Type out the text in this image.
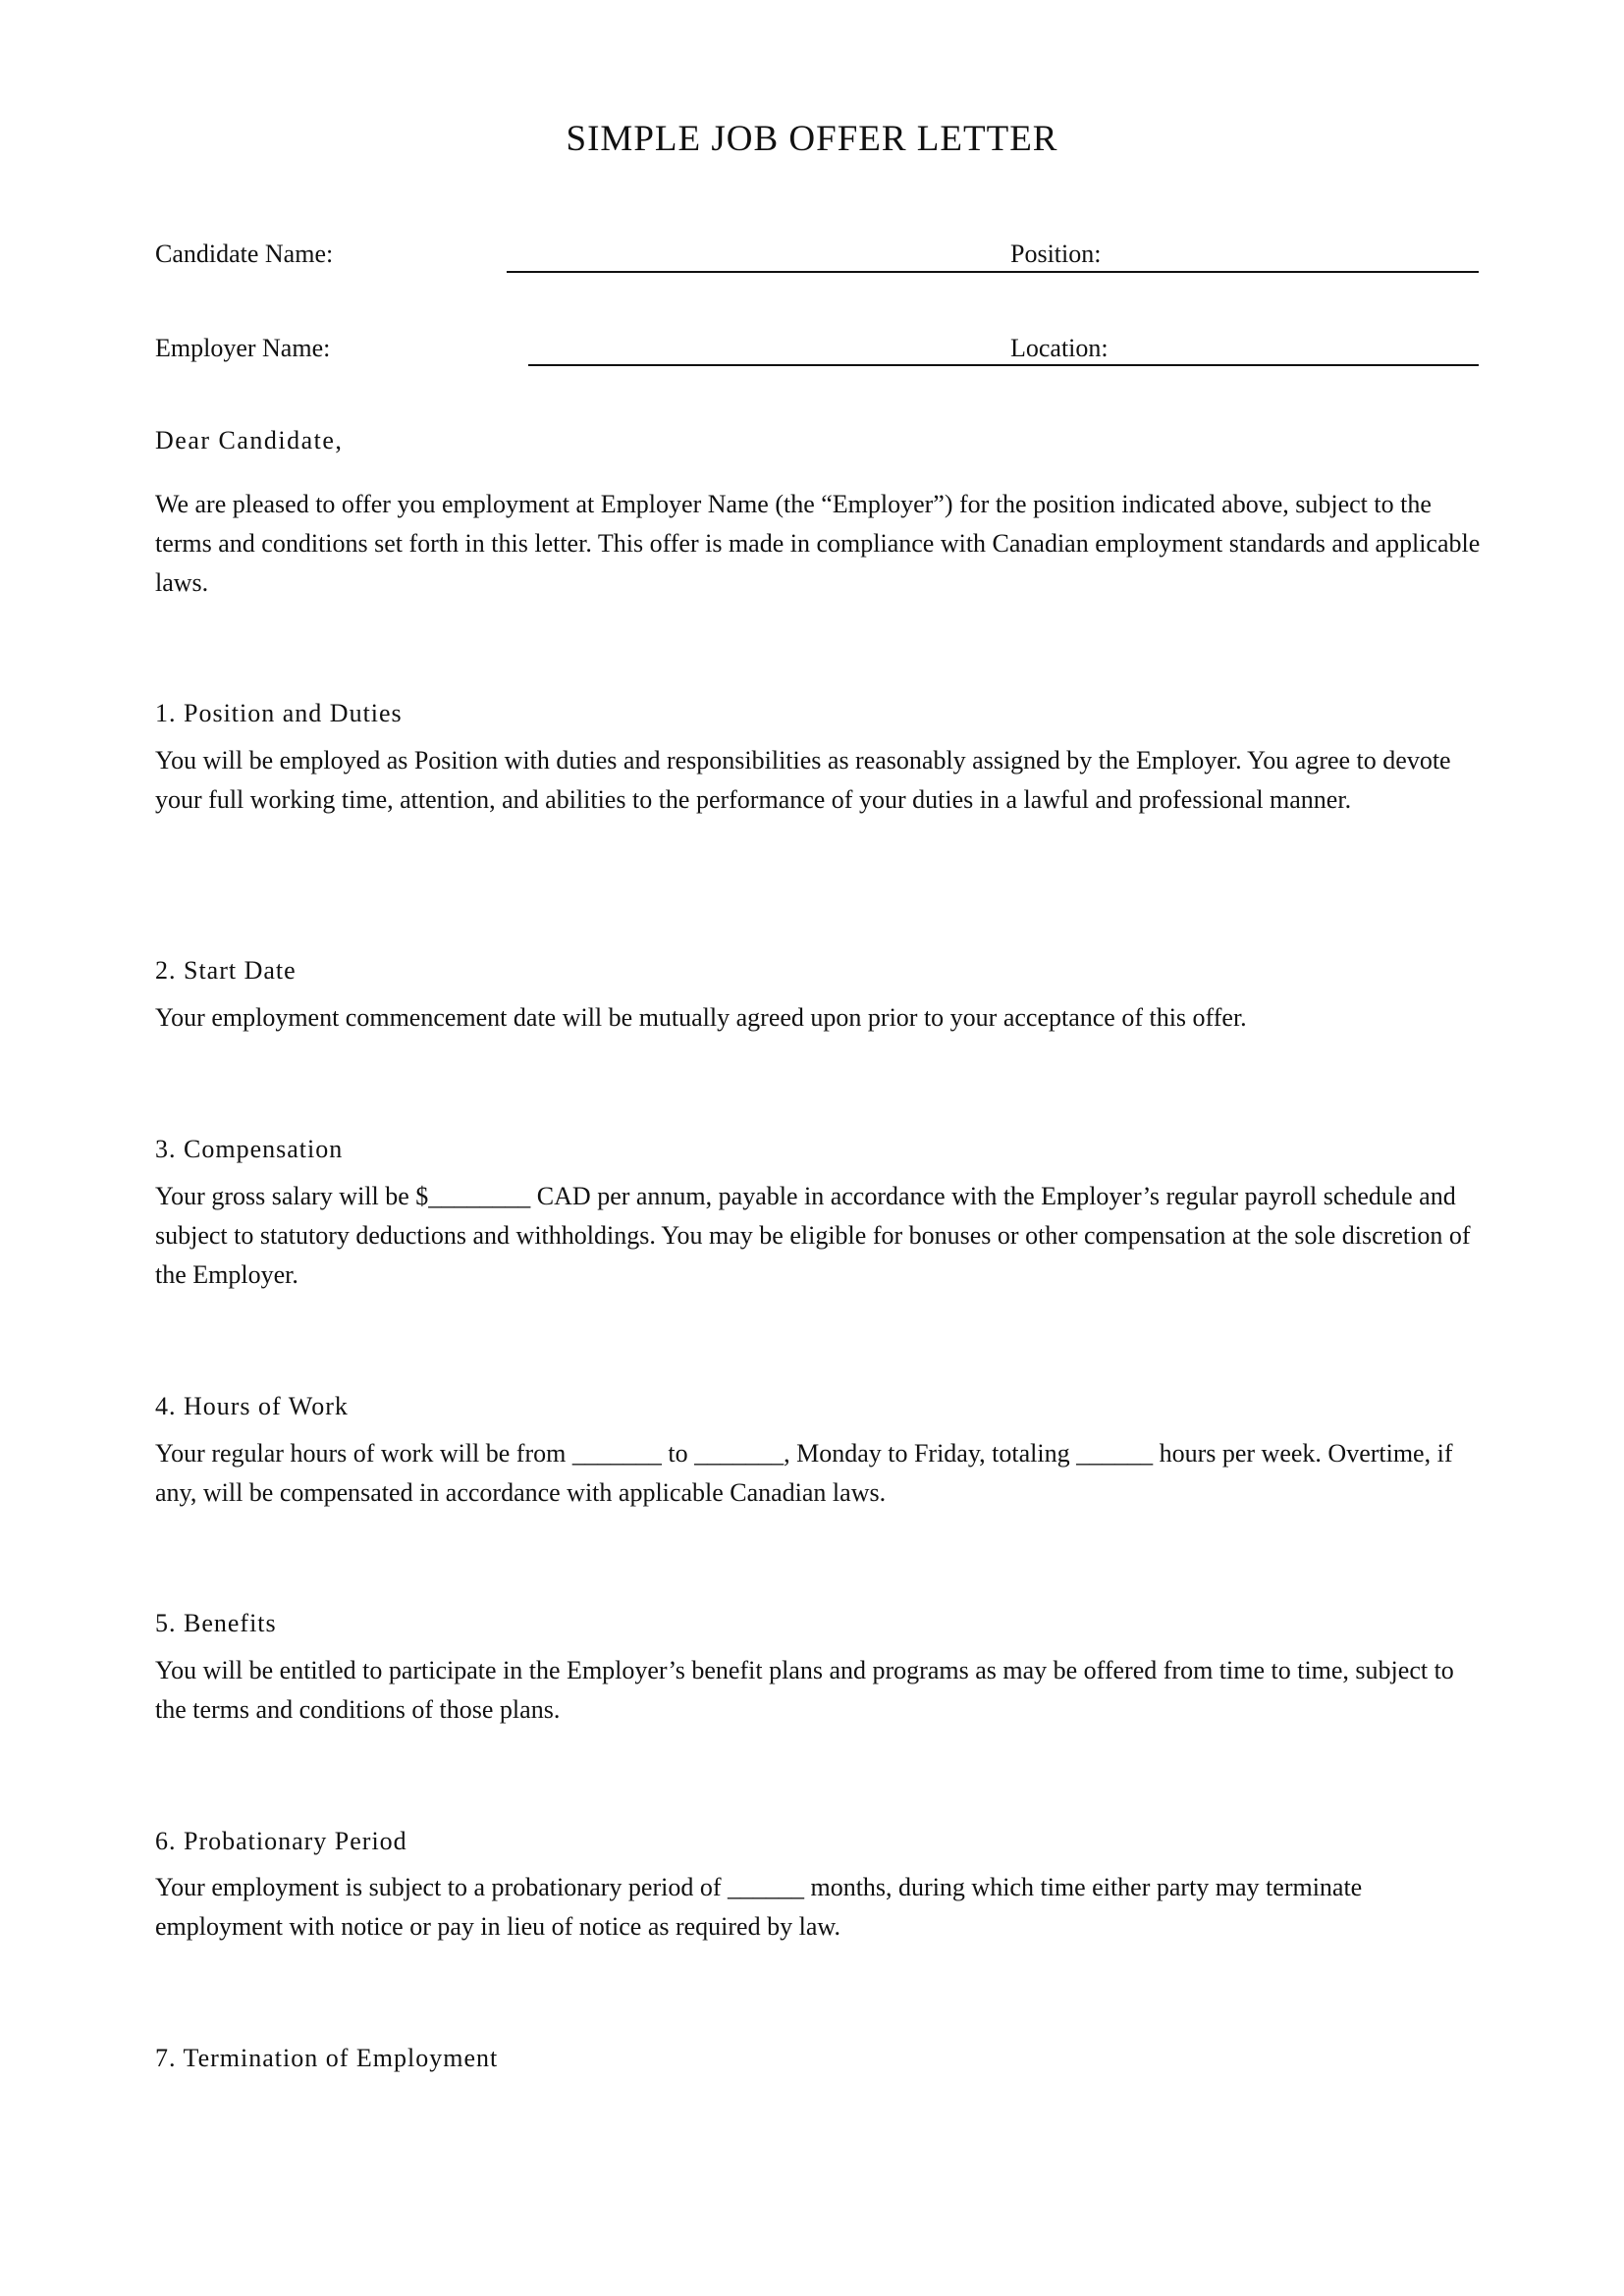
SIMPLE JOB OFFER LETTER
Candidate Name:	Position:
Employer Name:	Location:
Dear Candidate,
We are pleased to offer you employment at Employer Name (the “Employer”) for the position indicated above, subject to the terms and conditions set forth in this letter. This offer is made in compliance with Canadian employment standards and applicable laws.
1. Position and Duties
You will be employed as Position with duties and responsibilities as reasonably assigned by the Employer. You agree to devote your full working time, attention, and abilities to the performance of your duties in a lawful and professional manner.
2. Start Date
Your employment commencement date will be mutually agreed upon prior to your acceptance of this offer.
3. Compensation
Your gross salary will be $________ CAD per annum, payable in accordance with the Employer’s regular payroll schedule and subject to statutory deductions and withholdings. You may be eligible for bonuses or other compensation at the sole discretion of the Employer.
4. Hours of Work
Your regular hours of work will be from _______ to _______, Monday to Friday, totaling ______ hours per week. Overtime, if any, will be compensated in accordance with applicable Canadian laws.
5. Benefits
You will be entitled to participate in the Employer’s benefit plans and programs as may be offered from time to time, subject to the terms and conditions of those plans.
6. Probationary Period
Your employment is subject to a probationary period of ______ months, during which time either party may terminate employment with notice or pay in lieu of notice as required by law.
7. Termination of Employment
